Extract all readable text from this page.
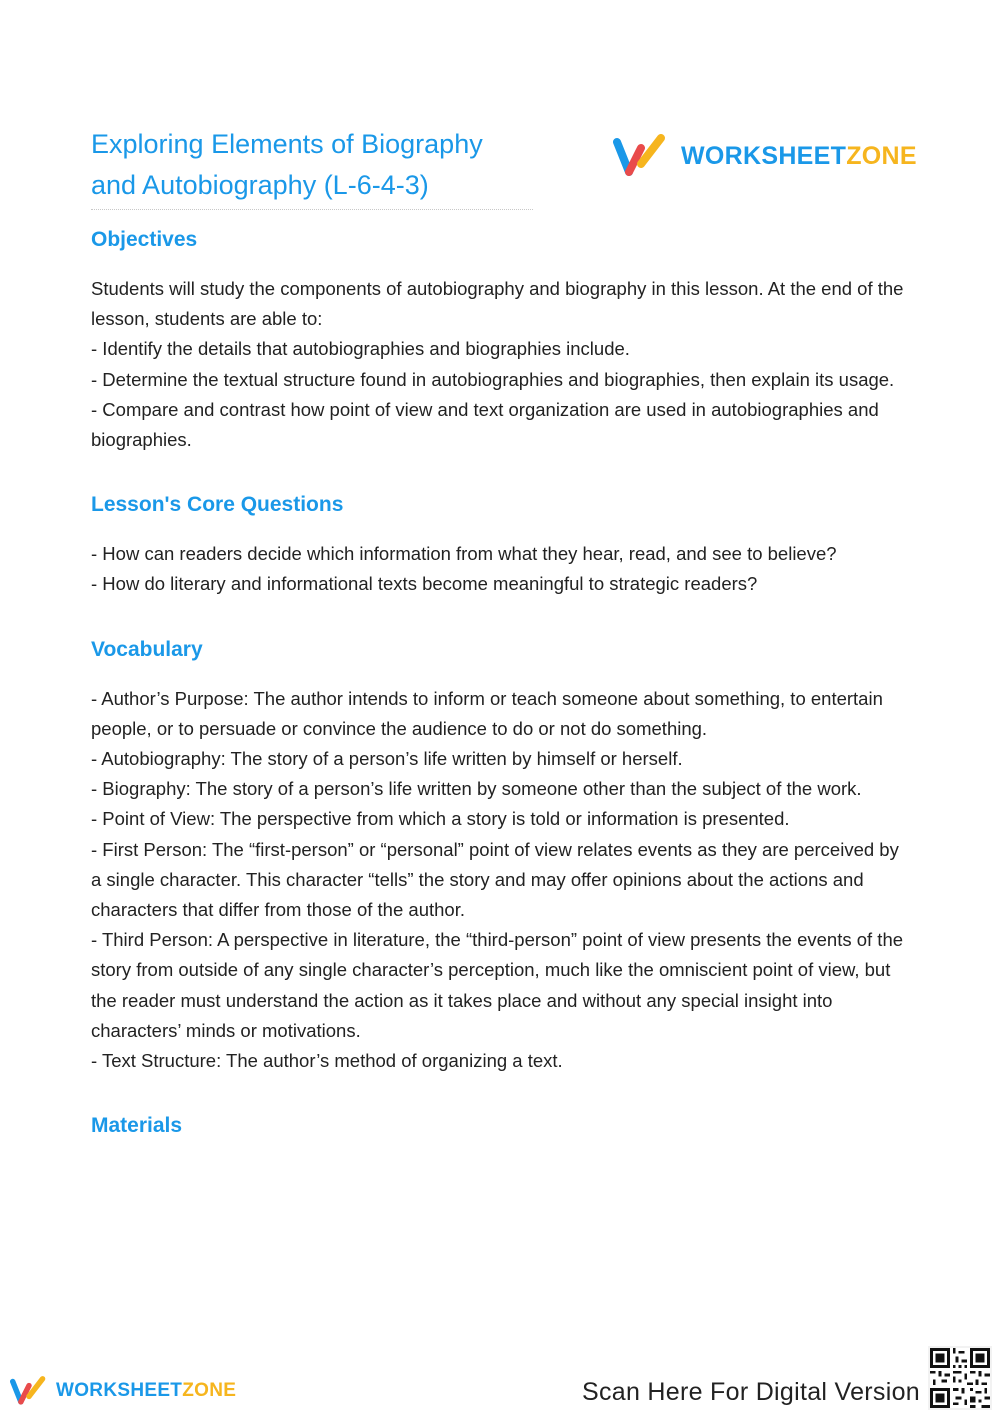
Exploring Elements of Biography and Autobiography (L-6-4-3)
WORKSHEETZONE
Objectives

Students will study the components of autobiography and biography in this lesson. At the end of the lesson, students are able to:

- Identify the details that autobiographies and biographies include.

- Determine the textual structure found in autobiographies and biographies, then explain its usage.

- Compare and contrast how point of view and text organization are used in autobiographies and biographies.

Lesson's Core Questions

- How can readers decide which information from what they hear, read, and see to believe?

- How do literary and informational texts become meaningful to strategic readers?

Vocabulary

- Author’s Purpose: The author intends to inform or teach someone about something, to entertain people, or to persuade or convince the audience to do or not do something.

- Autobiography: The story of a person’s life written by himself or herself.

- Biography: The story of a person’s life written by someone other than the subject of the work.

- Point of View: The perspective from which a story is told or information is presented.

- First Person: The “first-person” or “personal” point of view relates events as they are perceived by a single character. This character “tells” the story and may offer opinions about the actions and characters that differ from those of the author.

- Third Person: A perspective in literature, the “third-person” point of view presents the events of the story from outside of any single character’s perception, much like the omniscient point of view, but the reader must understand the action as it takes place and without any special insight into characters’ minds or motivations.

- Text Structure: The author’s method of organizing a text.

Materials
WORKSHEETZONE	Scan Here For Digital Version
